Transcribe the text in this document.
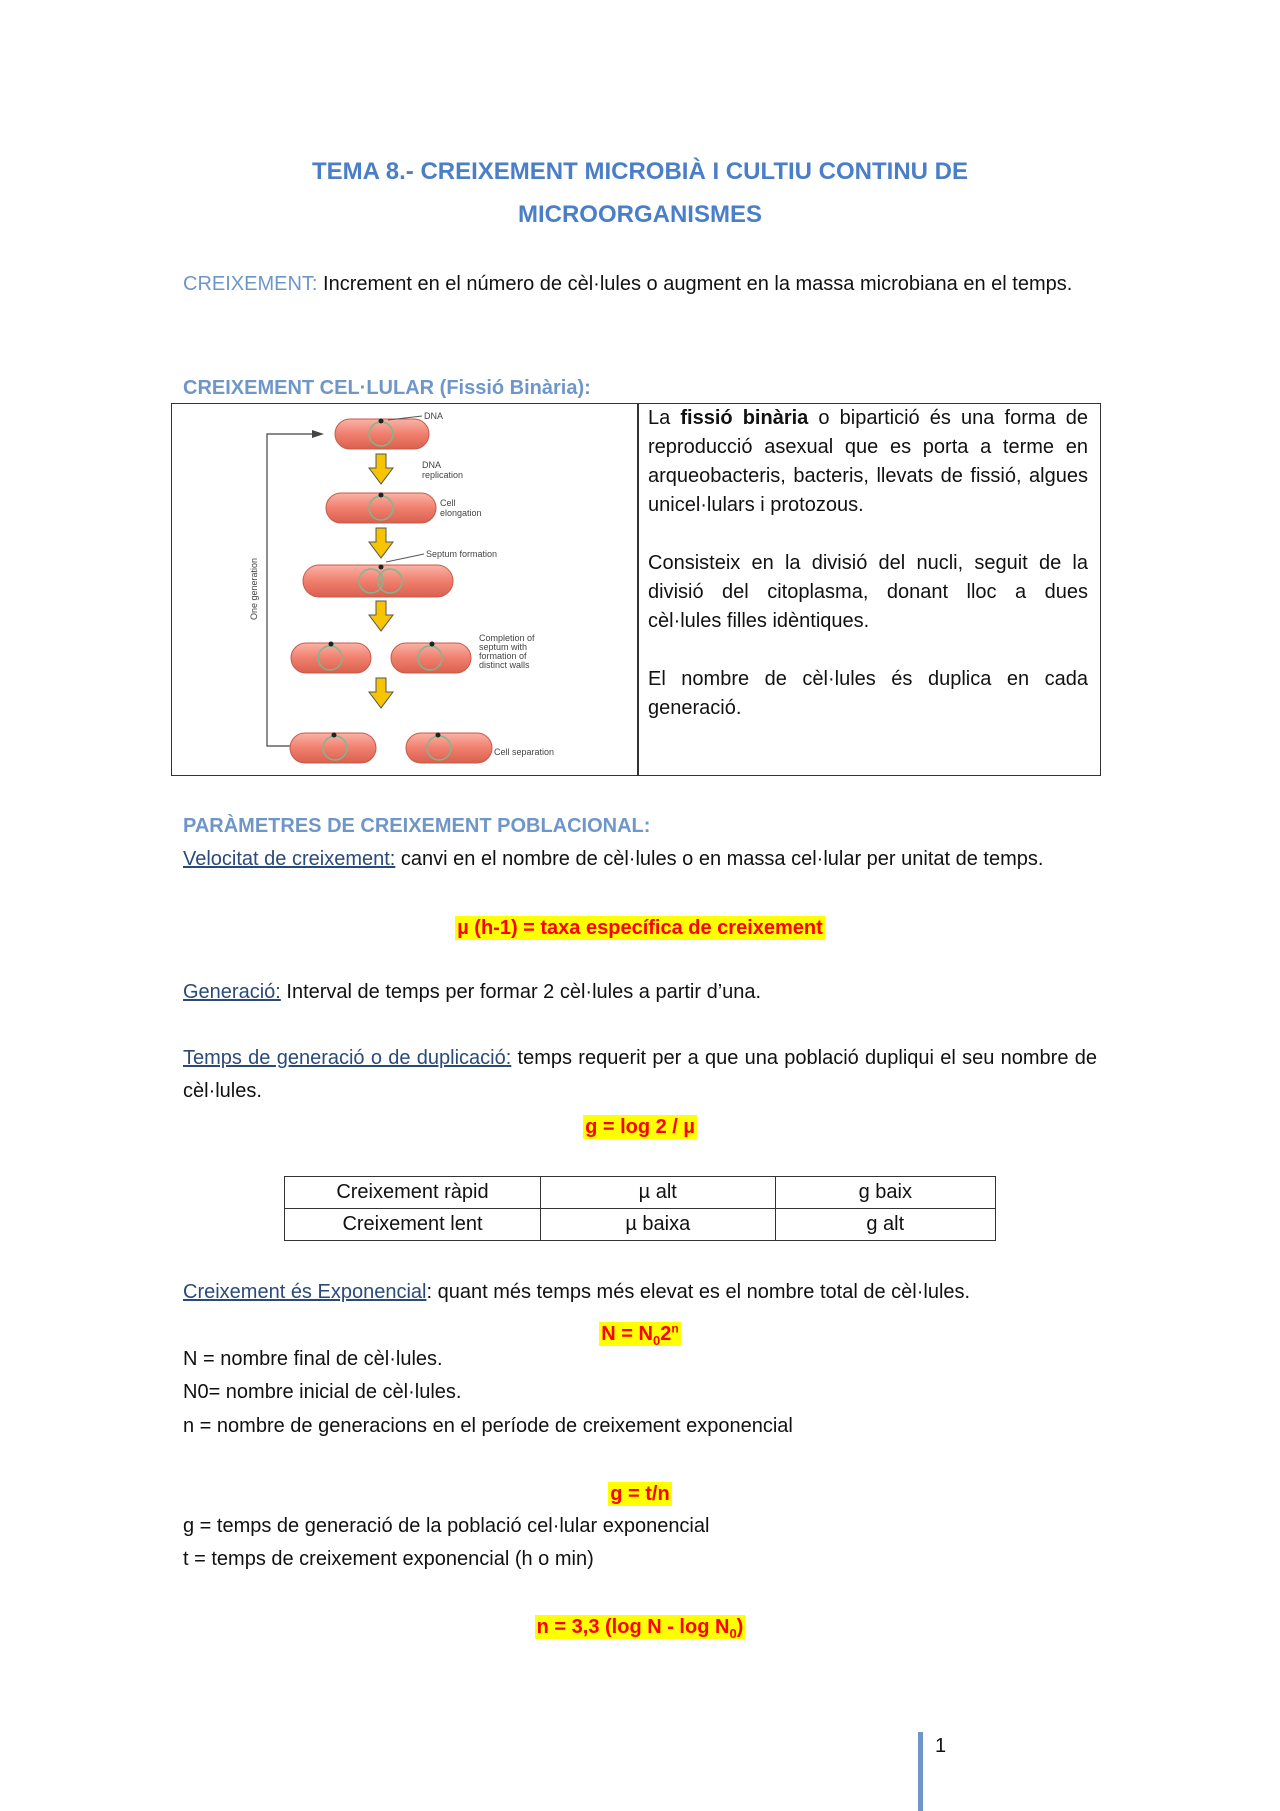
TEMA 8.- CREIXEMENT MICROBIÀ I CULTIU CONTINU DE
MICROORGANISMES
CREIXEMENT: Increment en el número de cèl·lules o augment en la massa microbiana en el temps.
CREIXEMENT CEL·LULAR (Fissió Binària):
One generation
DNA
DNA
replication
Cell
elongation
Septum formation
Completion of
septum with
formation of
distinct walls
Cell separation

La fissió binària o bipartició és una forma de reproducció asexual que es porta a terme en arqueobacteris, bacteris, llevats de fissió, algues unicel·lulars i protozous.

Consisteix en la divisió del nucli, seguit de la divisió del citoplasma, donant lloc a dues cèl·lules filles idèntiques.

El nombre de cèl·lules és duplica en cada generació.

PARÀMETRES DE CREIXEMENT POBLACIONAL:
Velocitat de creixement: canvi en el nombre de cèl·lules o en massa cel·lular per unitat de temps.
µ (h-1) = taxa específica de creixement
Generació: Interval de temps per formar 2 cèl·lules a partir d’una.
Temps de generació o de duplicació: temps requerit per a que una població dupliqui el seu nombre de cèl·lules.
g = log 2 / µ
Creixement ràpid	µ alt	g baix
Creixement lent	µ baixa	g alt
Creixement és Exponencial: quant més temps més elevat es el nombre total de cèl·lules.
$N = N_02^n$
N = nombre final de cèl·lules.
N0= nombre inicial de cèl·lules.
n = nombre de generacions en el període de creixement exponencial
g = t/n
g = temps de generació de la població cel·lular exponencial
t = temps de creixement exponencial (h o min)
n = 3,3 (log N - $\log N_0$)
1
